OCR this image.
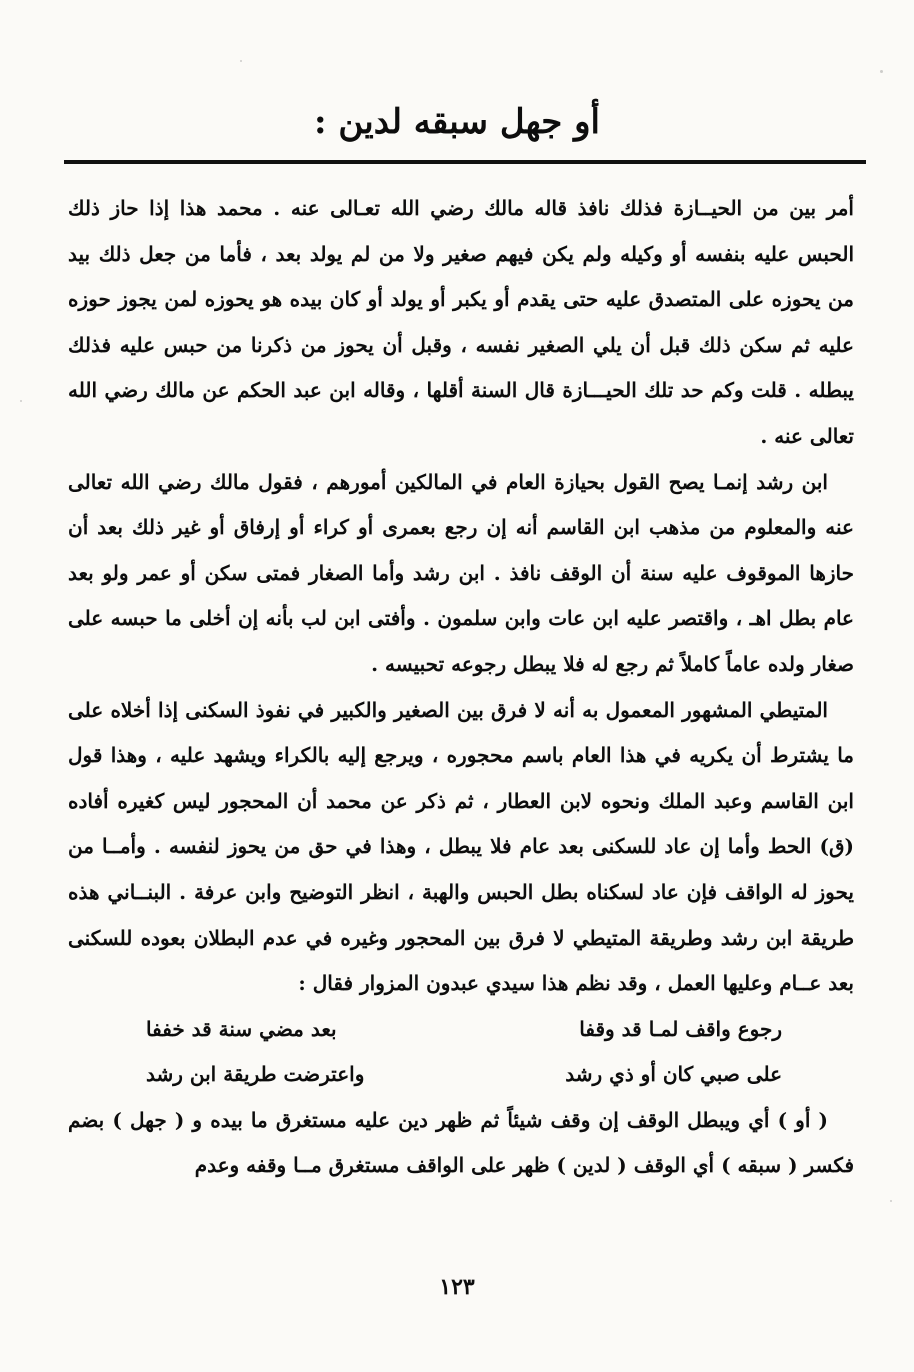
أو جهل سبقه لدين :

أمر بين من الحيــازة فذلك نافذ قاله مالك رضي الله تعـالى عنه . محمد هذا إذا حاز ذلك الحبس عليه بنفسه أو وكيله ولم يكن فيهم صغير ولا من لم يولد بعد ، فأما من جعل ذلك بيد من يحوزه على المتصدق عليه حتى يقدم أو يكبر أو يولد أو كان بيده هو يحوزه لمن يجوز حوزه عليه ثم سكن ذلك قبل أن يلي الصغير نفسه ، وقبل أن يحوز من ذكرنا من حبس عليه فذلك يبطله . قلت وكم حد تلك الحيـــازة قال السنة أقلها ، وقاله ابن عبد الحكم عن مالك رضي الله تعالى عنه .

ابن رشد إنمـا يصح القول بحيازة العام في المالكين أمورهم ، فقول مالك رضي الله تعالى عنه والمعلوم من مذهب ابن القاسم أنه إن رجع بعمرى أو كراء أو إرفاق أو غير ذلك بعد أن حازها الموقوف عليه سنة أن الوقف نافذ . ابن رشد وأما الصغار فمتى سكن أو عمر ولو بعد عام بطل اهـ ، واقتصر عليه ابن عات وابن سلمون . وأفتى ابن لب بأنه إن أخلى ما حبسه على صغار ولده عاماً كاملاً ثم رجع له فلا يبطل رجوعه تحبيسه .

المتيطي المشهور المعمول به أنه لا فرق بين الصغير والكبير في نفوذ السكنى إذا أخلاه على ما يشترط أن يكريه في هذا العام باسم محجوره ، ويرجع إليه بالكراء ويشهد عليه ، وهذا قول ابن القاسم وعبد الملك ونحوه لابن العطار ، ثم ذكر عن محمد أن المحجور ليس كغيره أفاده (ق) الحط وأما إن عاد للسكنى بعد عام فلا يبطل ، وهذا في حق من يحوز لنفسه . وأمــا من يحوز له الواقف فإن عاد لسكناه بطل الحبس والهبة ، انظر التوضيح وابن عرفة . البنــاني هذه طريقة ابن رشد وطريقة المتيطي لا فرق بين المحجور وغيره في عدم البطلان بعوده للسكنى بعد عــام وعليها العمل ، وقد نظم هذا سيدي عبدون المزوار فقال :

رجوع واقف لمـا قد وقفا
بعد مضي سنة قد خففا
على صبي كان أو ذي رشد
واعترضت طريقة ابن رشد

( أو ) أي ويبطل الوقف إن وقف شيئاً ثم ظهر دين عليه مستغرق ما بيده و ( جهل ) بضم فكسر ( سبقه ) أي الوقف ( لدين ) ظهر على الواقف مستغرق مــا وقفه وعدم

١٢٣
